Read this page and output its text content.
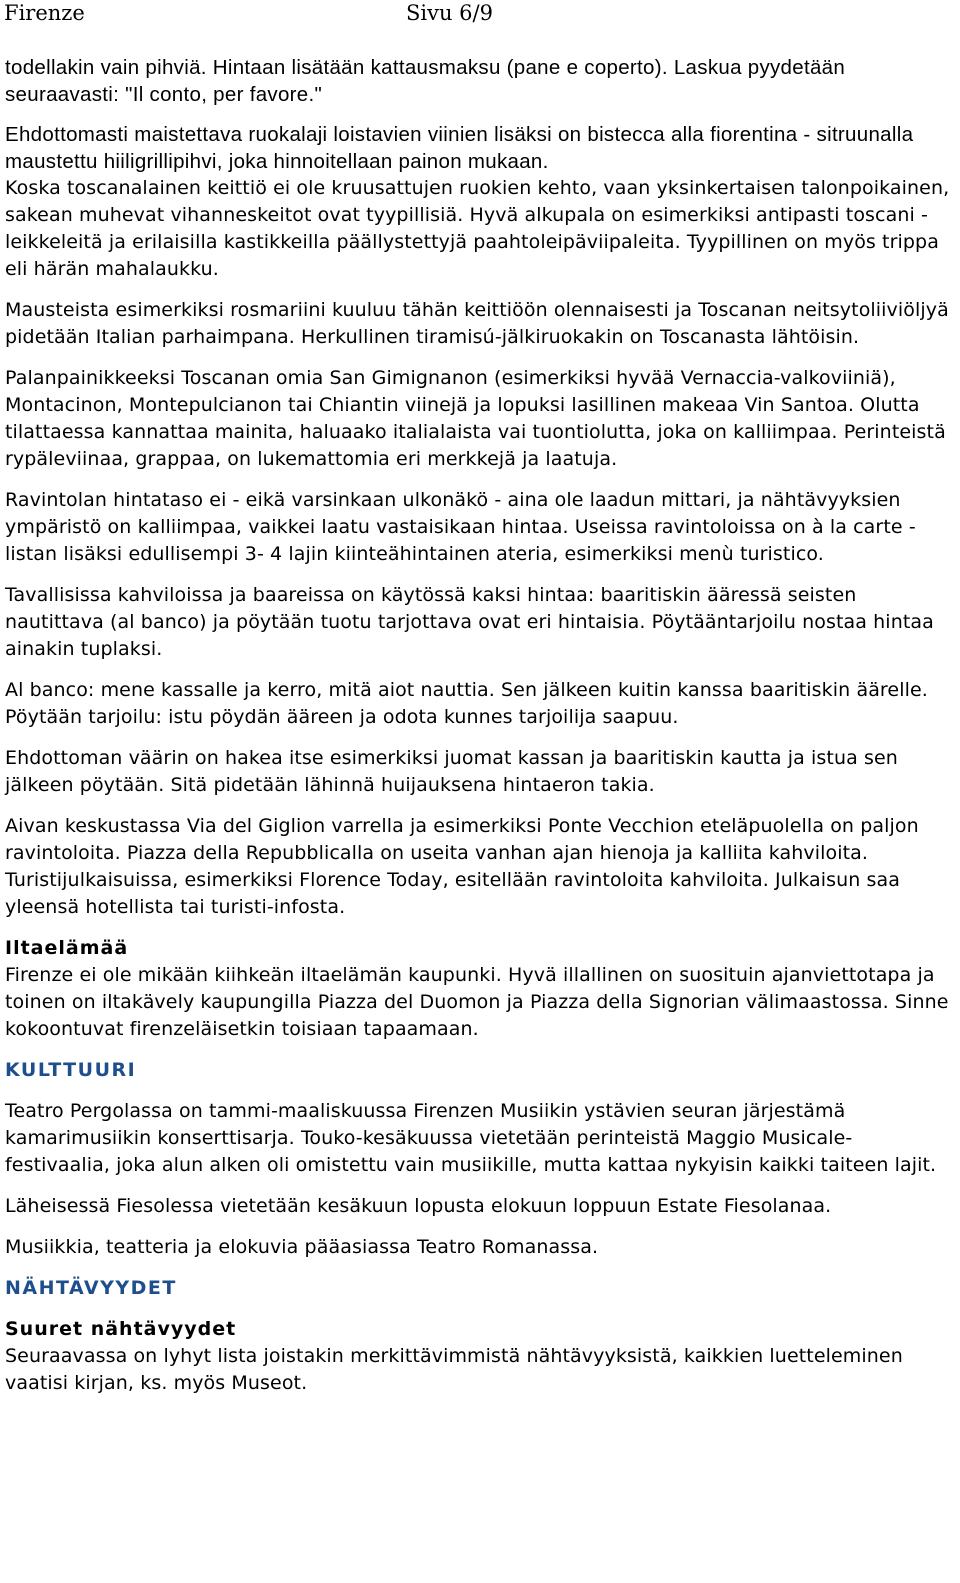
Firenze	Sivu 6/9

todellakin vain pihviä. Hintaan lisätään kattausmaksu (pane e coperto). Laskua pyydetään seuraavasti: "Il conto, per favore."

Ehdottomasti maistettava ruokalaji loistavien viinien lisäksi on bistecca alla fiorentina - sitruunalla maustettu hiiligrillipihvi, joka hinnoitellaan painon mukaan.

Koska toscanalainen keittiö ei ole kruusattujen ruokien kehto, vaan yksinkertaisen talonpoikainen, sakean muhevat vihanneskeitot ovat tyypillisiä. Hyvä alkupala on esimerkiksi antipasti toscani - leikkeleitä ja erilaisilla kastikkeilla päällystettyjä paahtoleipäviipaleita. Tyypillinen on myös trippa eli härän mahalaukku.

Mausteista esimerkiksi rosmariini kuuluu tähän keittiöön olennaisesti ja Toscanan neitsytoliiviöljyä pidetään Italian parhaimpana. Herkullinen tiramisú-jälkiruokakin on Toscanasta lähtöisin.

Palanpainikkeeksi Toscanan omia San Gimignanon (esimerkiksi hyvää Vernaccia-valkoviiniä), Montacinon, Montepulcianon tai Chiantin viinejä ja lopuksi lasillinen makeaa Vin Santoa. Olutta tilattaessa kannattaa mainita, haluaako italialaista vai tuontiolutta, joka on kalliimpaa. Perinteistä rypäleviinaa, grappaa, on lukemattomia eri merkkejä ja laatuja.

Ravintolan hintataso ei - eikä varsinkaan ulkonäkö - aina ole laadun mittari, ja nähtävyyksien ympäristö on kalliimpaa, vaikkei laatu vastaisikaan hintaa. Useissa ravintoloissa on à la carte -listan lisäksi edullisempi 3- 4 lajin kiinteähintainen ateria, esimerkiksi menù turistico.

Tavallisissa kahviloissa ja baareissa on käytössä kaksi hintaa: baaritiskin ääressä seisten nautittava (al banco) ja pöytään tuotu tarjottava ovat eri hintaisia. Pöytääntarjoilu nostaa hintaa ainakin tuplaksi.

Al banco: mene kassalle ja kerro, mitä aiot nauttia. Sen jälkeen kuitin kanssa baaritiskin äärelle.

Pöytään tarjoilu: istu pöydän ääreen ja odota kunnes tarjoilija saapuu.

Ehdottoman väärin on hakea itse esimerkiksi juomat kassan ja baaritiskin kautta ja istua sen jälkeen pöytään. Sitä pidetään lähinnä huijauksena hintaeron takia.

Aivan keskustassa Via del Giglion varrella ja esimerkiksi Ponte Vecchion eteläpuolella on paljon ravintoloita. Piazza della Repubblicalla on useita vanhan ajan hienoja ja kalliita kahviloita. Turistijulkaisuissa, esimerkiksi Florence Today, esitellään ravintoloita kahviloita. Julkaisun saa yleensä hotellista tai turisti-infosta.

Iltaelämää

Firenze ei ole mikään kiihkeän iltaelämän kaupunki. Hyvä illallinen on suosituin ajanviettotapa ja toinen on iltakävely kaupungilla Piazza del Duomon ja Piazza della Signorian välimaastossa. Sinne kokoontuvat firenzeläisetkin toisiaan tapaamaan.

KULTTUURI

Teatro Pergolassa on tammi-maaliskuussa Firenzen Musiikin ystävien seuran järjestämä kamarimusiikin konserttisarja. Touko-kesäkuussa vietetään perinteistä Maggio Musicale-festivaalia, joka alun alken oli omistettu vain musiikille, mutta kattaa nykyisin kaikki taiteen lajit.

Läheisessä Fiesolessa vietetään kesäkuun lopusta elokuun loppuun Estate Fiesolanaa.

Musiikkia, teatteria ja elokuvia pääasiassa Teatro Romanassa.

NÄHTÄVYYDET
Suuret nähtävyydet

Seuraavassa on lyhyt lista joistakin merkittävimmistä nähtävyyksistä, kaikkien luetteleminen vaatisi kirjan, ks. myös Museot.
